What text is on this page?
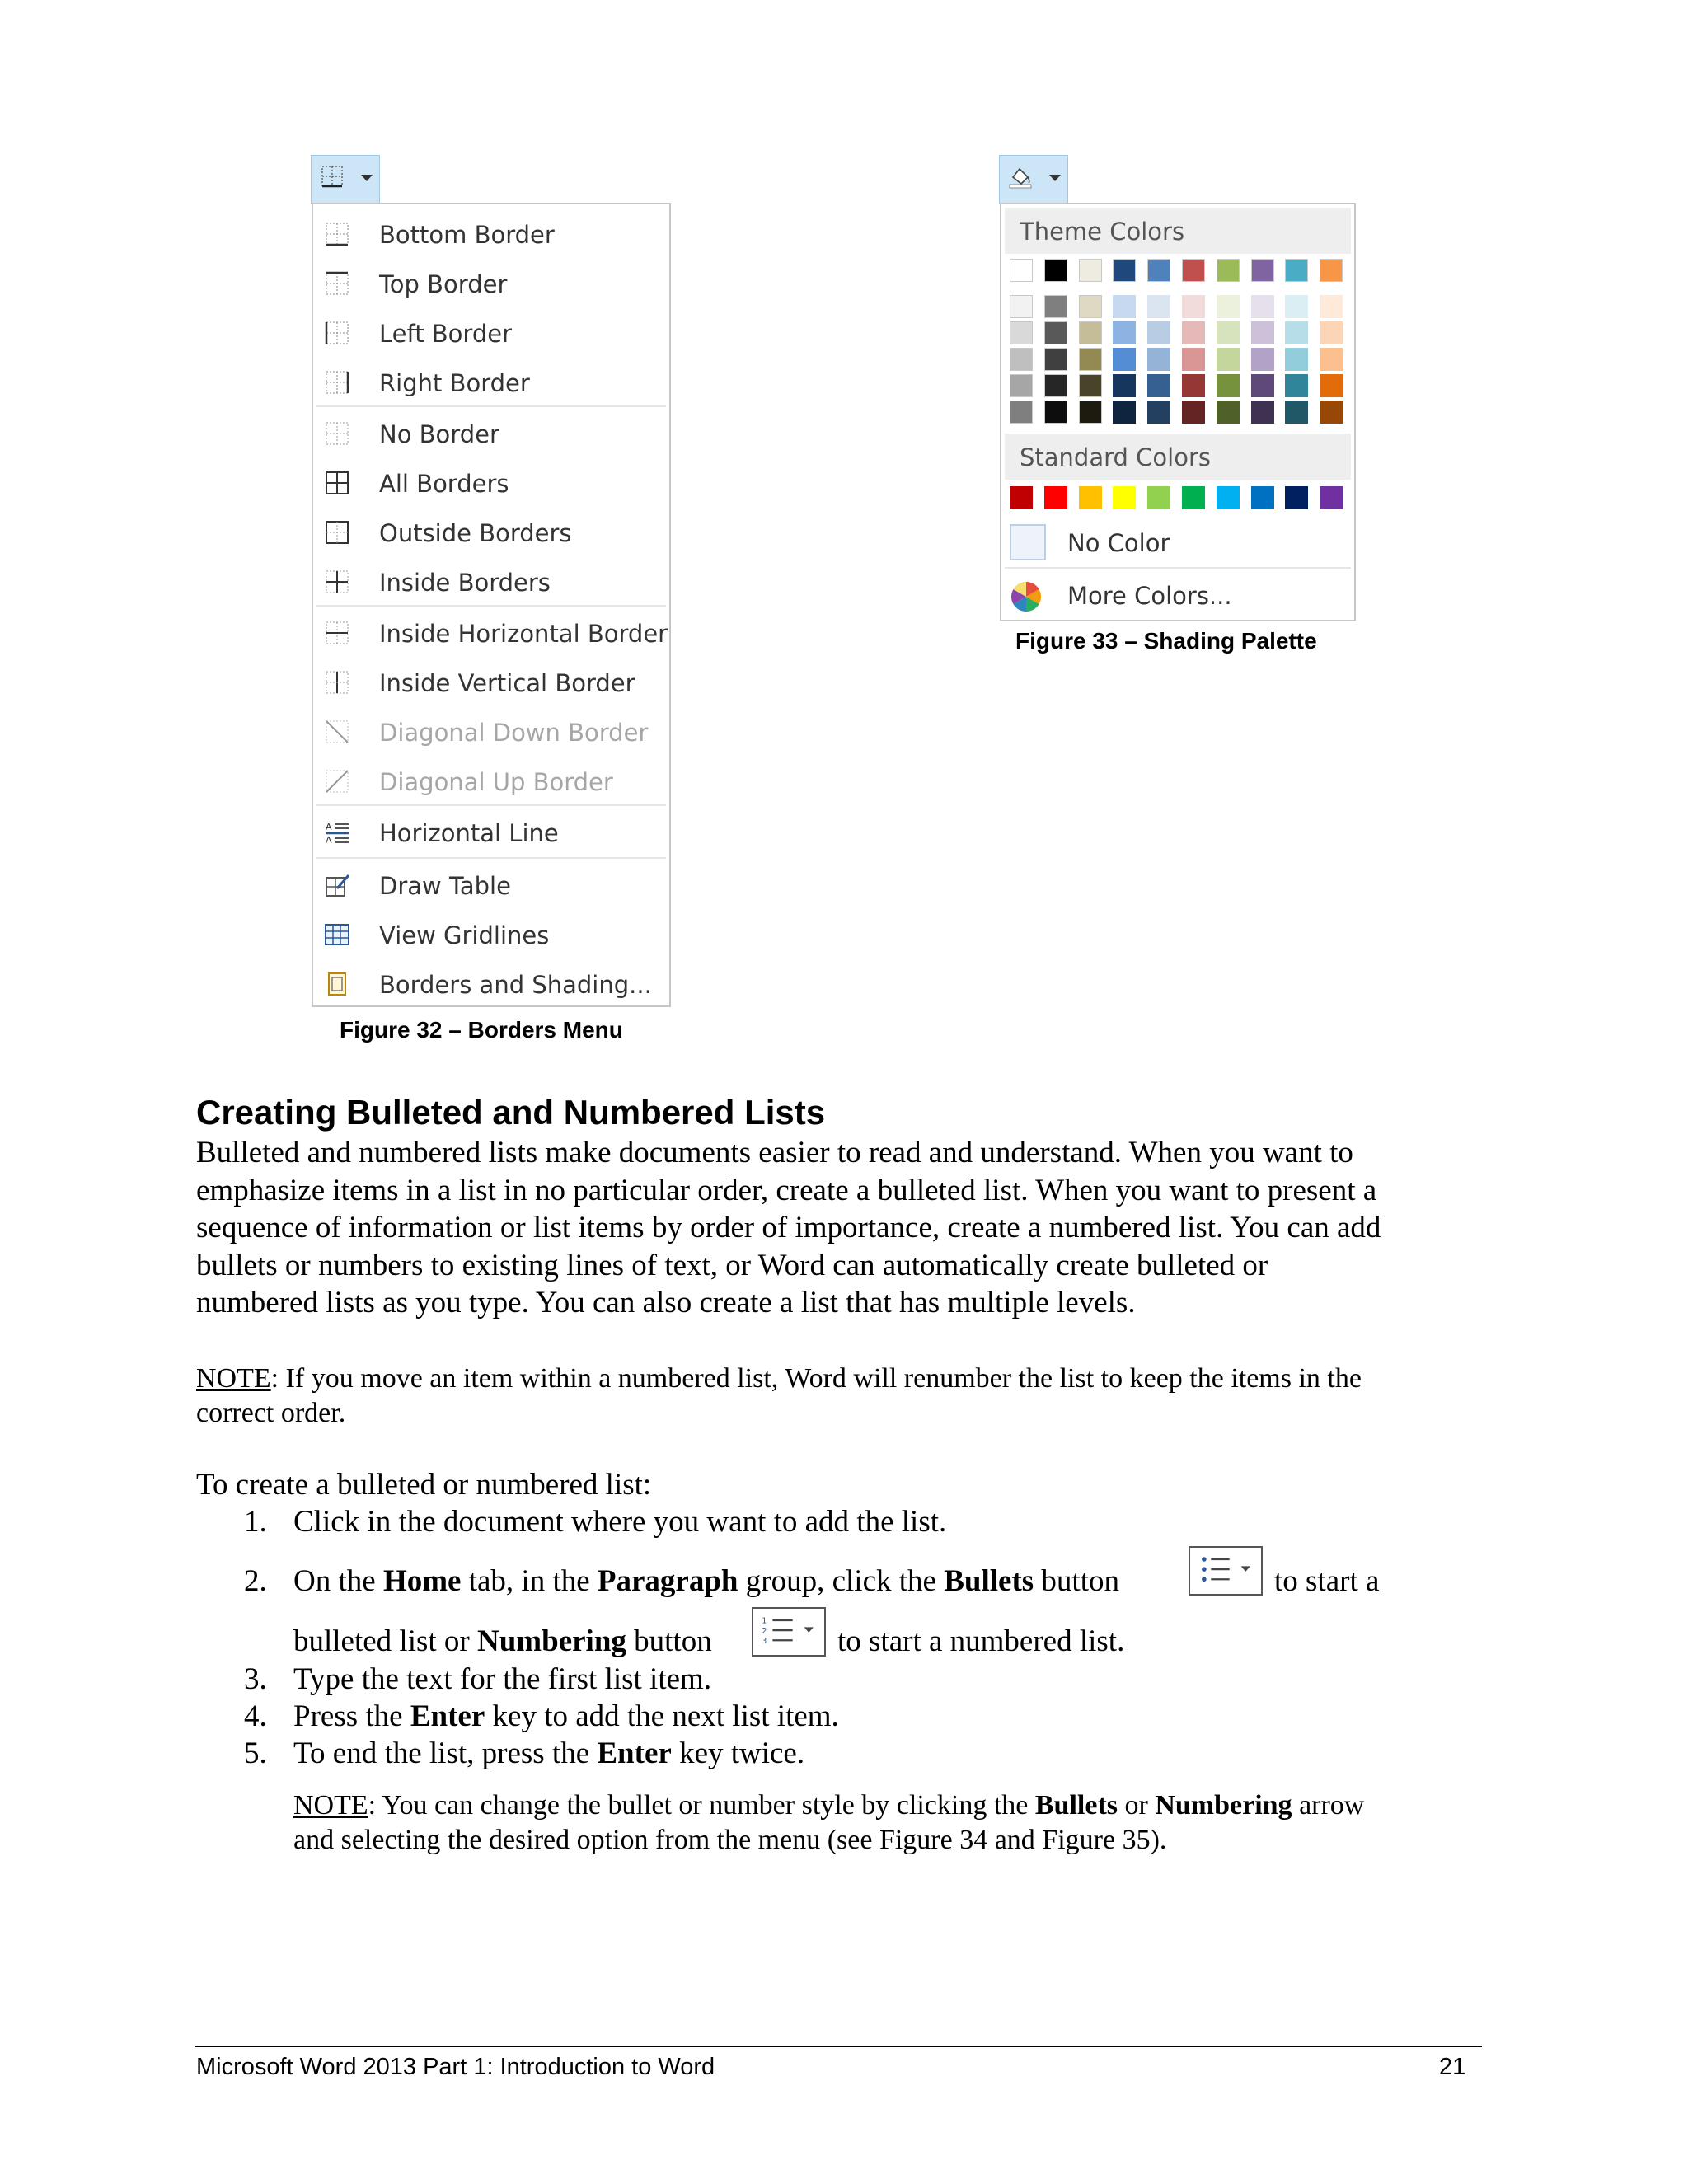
Bottom Border
Top Border
Left Border
Right Border
No Border
All Borders
Outside Borders
Inside Borders
Inside Horizontal Border
Inside Vertical Border
Diagonal Down Border
Diagonal Up Border
A
A Horizontal Line
Draw Table
View Gridlines
Borders and Shading...
Figure 32 – Borders Menu
Theme Colors
Standard Colors
No Color
More Colors...
Figure 33 – Shading Palette
Creating Bulleted and Numbered Lists
Bulleted and numbered lists make documents easier to read and understand. When you want to
emphasize items in a list in no particular order, create a bulleted list. When you want to present a
sequence of information or list items by order of importance, create a numbered list. You can add
bullets or numbers to existing lines of text, or Word can automatically create bulleted or
numbered lists as you type. You can also create a list that has multiple levels.
NOTE: If you move an item within a numbered list, Word will renumber the list to keep the items in the
correct order.
To create a bulleted or numbered list:
1. Click in the document where you want to add the list.
2. On the Home tab, in the Paragraph group, click the Bullets button	to start a
bulleted list or Numbering button
1
2
3 to start a numbered list.
3. Type the text for the first list item.
4. Press the Enter key to add the next list item.
5. To end the list, press the Enter key twice.
NOTE: You can change the bullet or number style by clicking the Bullets or Numbering arrow
and selecting the desired option from the menu (see Figure 34 and Figure 35).
Microsoft Word 2013 Part 1: Introduction to Word	21
